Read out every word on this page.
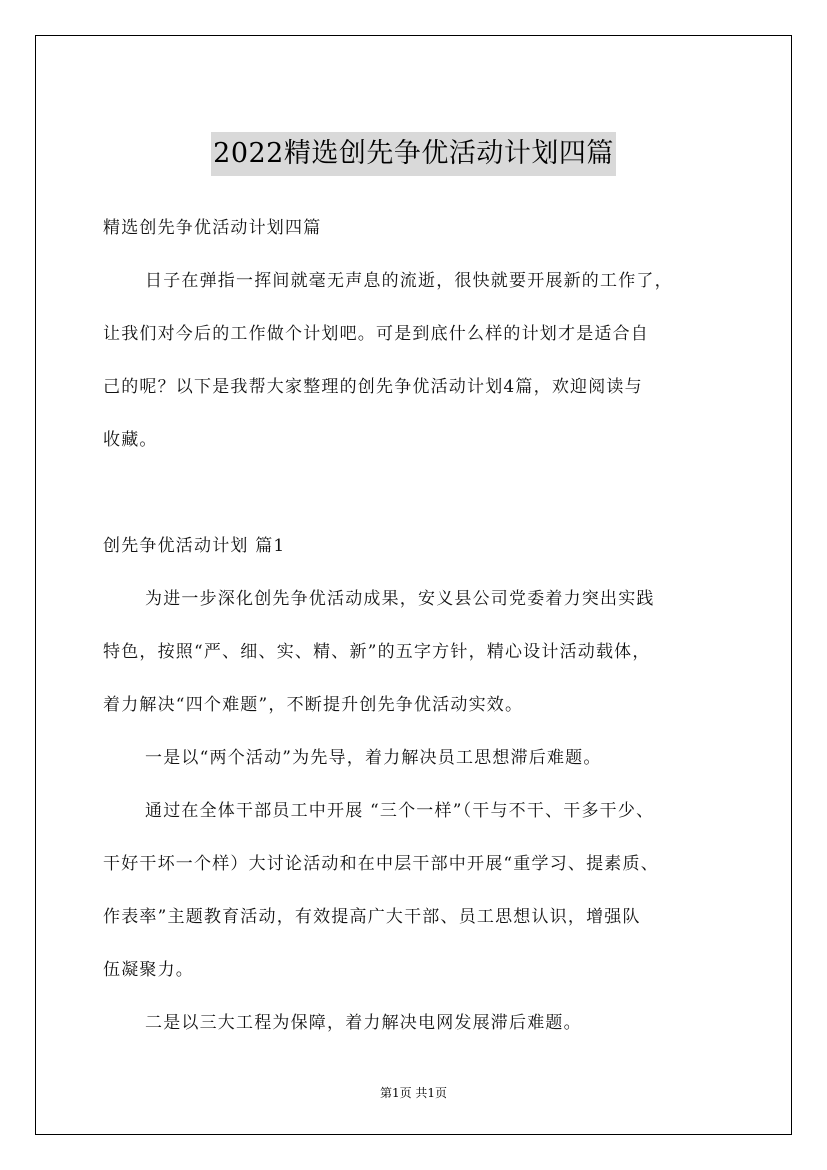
2022精选创先争优活动计划四篇
精选创先争优活动计划四篇
日子在弹指一挥间就毫无声息的流逝，很快就要开展新的工作了，
让我们对今后的工作做个计划吧。可是到底什么样的计划才是适合自
己的呢？以下是我帮大家整理的创先争优活动计划4篇，欢迎阅读与
收藏。
创先争优活动计划 篇1
为进一步深化创先争优活动成果，安义县公司党委着力突出实践
特色，按照“严、细、实、精、新”的五字方针，精心设计活动载体，
着力解决“四个难题”，不断提升创先争优活动实效。
一是以“两个活动”为先导，着力解决员工思想滞后难题。
通过在全体干部员工中开展 “三个一样”（干与不干、干多干少、
干好干坏一个样）大讨论活动和在中层干部中开展“重学习、提素质、
作表率”主题教育活动，有效提高广大干部、员工思想认识，增强队
伍凝聚力。
二是以三大工程为保障，着力解决电网发展滞后难题。
第1页 共1页
